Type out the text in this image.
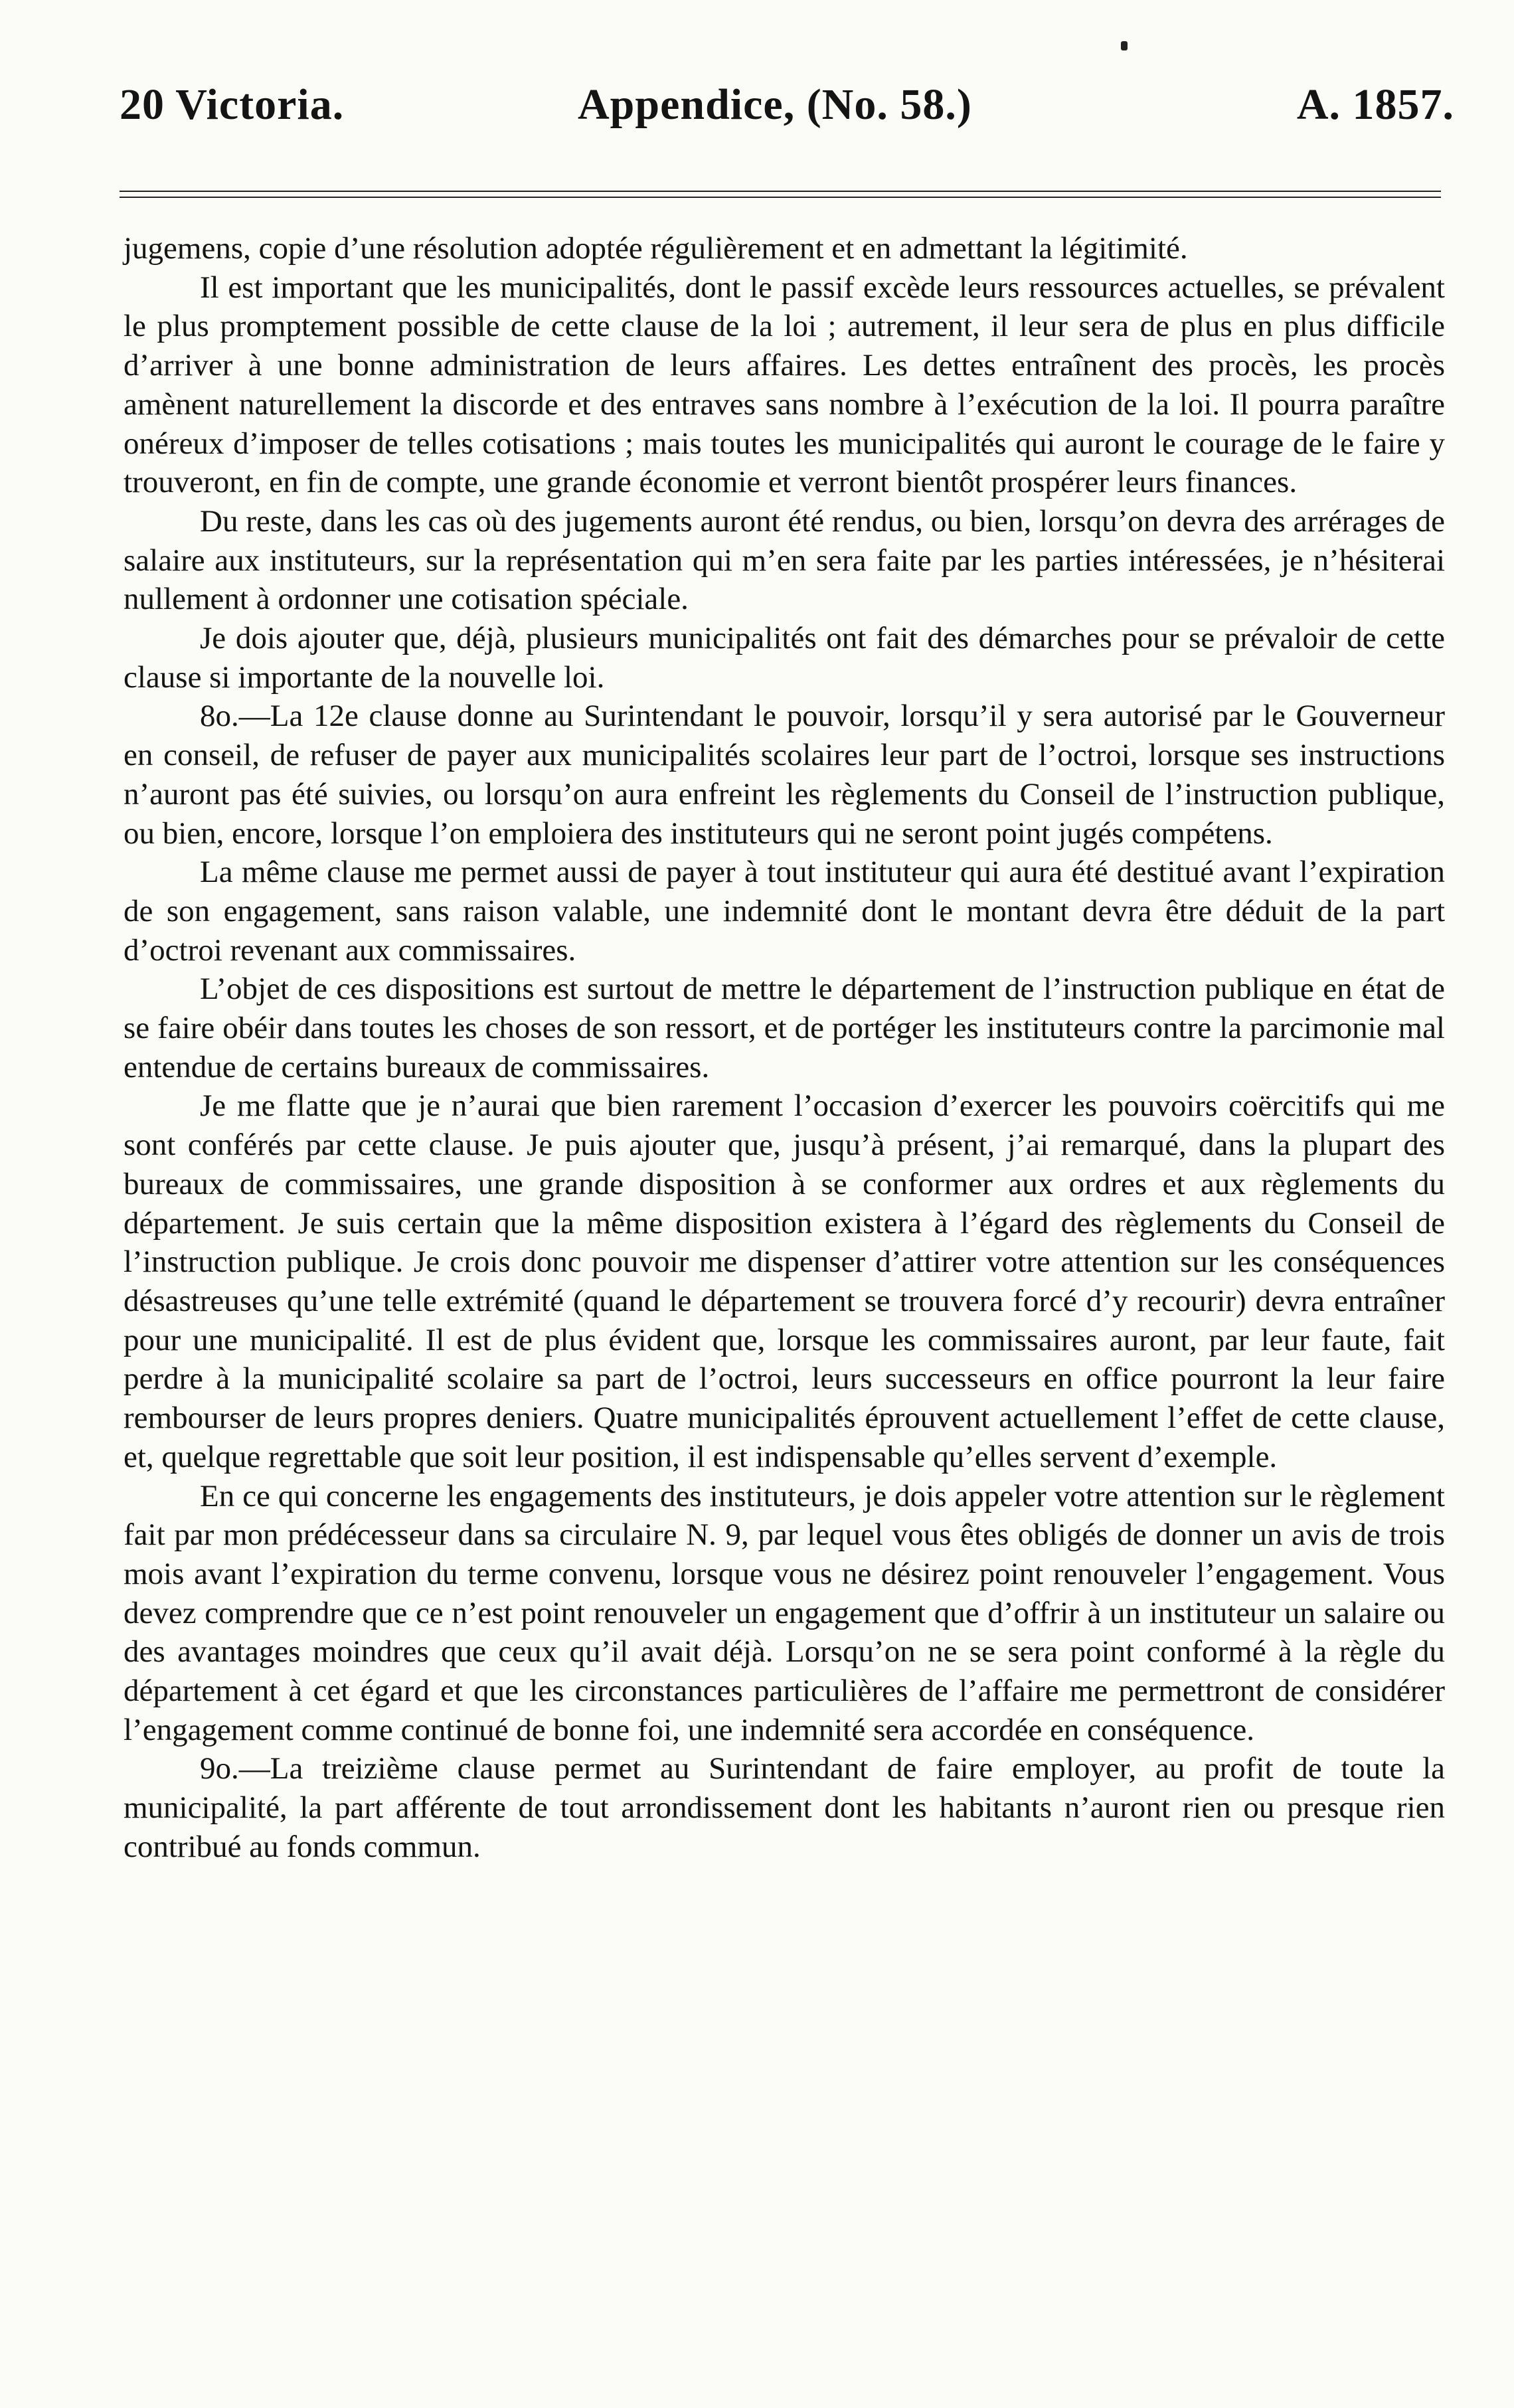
20 Victoria.	Appendice, (No. 58.)	A. 1857.

jugemens, copie d’une résolution adoptée régulièrement et en admettant la légitimité.

Il est important que les municipalités, dont le passif excède leurs ressources actuelles, se prévalent le plus promptement possible de cette clause de la loi ; autrement, il leur sera de plus en plus difficile d’arriver à une bonne administration de leurs affaires. Les dettes entraînent des procès, les procès amènent naturellement la discorde et des entraves sans nombre à l’exécution de la loi. Il pourra paraître onéreux d’imposer de telles cotisations ; mais toutes les municipalités qui auront le courage de le faire y trouveront, en fin de compte, une grande économie et verront bientôt prospérer leurs finances.

Du reste, dans les cas où des jugements auront été rendus, ou bien, lorsqu’on devra des arrérages de salaire aux instituteurs, sur la représentation qui m’en sera faite par les parties intéressées, je n’hésiterai nullement à ordonner une cotisation spéciale.

Je dois ajouter que, déjà, plusieurs municipalités ont fait des démarches pour se prévaloir de cette clause si importante de la nouvelle loi.

8o.—La 12e clause donne au Surintendant le pouvoir, lorsqu’il y sera autorisé par le Gouverneur en conseil, de refuser de payer aux municipalités scolaires leur part de l’octroi, lorsque ses instructions n’auront pas été suivies, ou lorsqu’on aura enfreint les règlements du Conseil de l’instruction publique, ou bien, encore, lorsque l’on emploiera des instituteurs qui ne seront point jugés compétens.

La même clause me permet aussi de payer à tout instituteur qui aura été destitué avant l’expiration de son engagement, sans raison valable, une indemnité dont le montant devra être déduit de la part d’octroi revenant aux commissaires.

L’objet de ces dispositions est surtout de mettre le département de l’instruction publique en état de se faire obéir dans toutes les choses de son ressort, et de portéger les instituteurs contre la parcimonie mal entendue de certains bureaux de commissaires.

Je me flatte que je n’aurai que bien rarement l’occasion d’exercer les pouvoirs coërcitifs qui me sont conférés par cette clause. Je puis ajouter que, jusqu’à présent, j’ai remarqué, dans la plupart des bureaux de commissaires, une grande disposition à se conformer aux ordres et aux règlements du département. Je suis certain que la même disposition existera à l’égard des règlements du Conseil de l’instruction publique. Je crois donc pouvoir me dispenser d’attirer votre attention sur les conséquences désastreuses qu’une telle extrémité (quand le département se trouvera forcé d’y recourir) devra entraîner pour une municipalité. Il est de plus évident que, lorsque les commissaires auront, par leur faute, fait perdre à la municipalité scolaire sa part de l’octroi, leurs successeurs en office pourront la leur faire rembourser de leurs propres deniers. Quatre municipalités éprouvent actuellement l’effet de cette clause, et, quelque regrettable que soit leur position, il est indispensable qu’elles servent d’exemple.

En ce qui concerne les engagements des instituteurs, je dois appeler votre attention sur le règlement fait par mon prédécesseur dans sa circulaire N. 9, par lequel vous êtes obligés de donner un avis de trois mois avant l’expiration du terme convenu, lorsque vous ne désirez point renouveler l’engagement. Vous devez comprendre que ce n’est point renouveler un engagement que d’offrir à un instituteur un salaire ou des avantages moindres que ceux qu’il avait déjà. Lorsqu’on ne se sera point conformé à la règle du département à cet égard et que les circonstances particulières de l’affaire me permettront de considérer l’engagement comme continué de bonne foi, une indemnité sera accordée en conséquence.

9o.—La treizième clause permet au Surintendant de faire employer, au profit de toute la municipalité, la part afférente de tout arrondissement dont les habitants n’auront rien ou presque rien contribué au fonds commun.
